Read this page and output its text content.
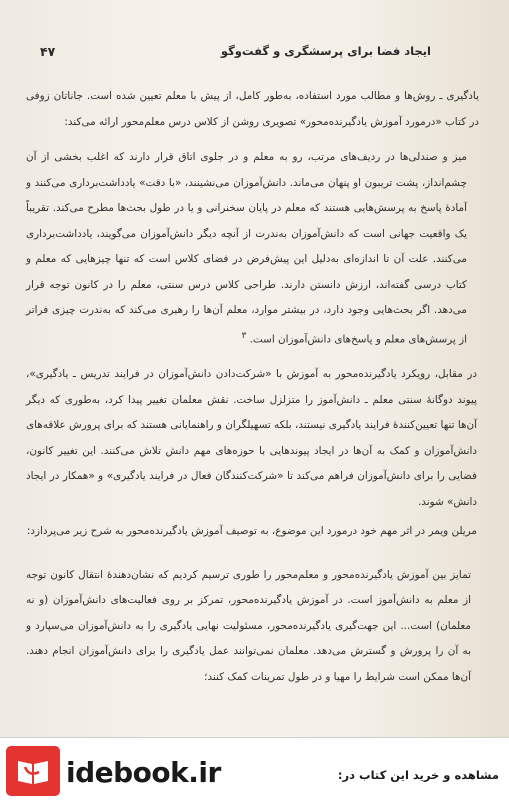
ایجاد فضا برای پرسشگری و گفت‌وگو
۴۷

یادگیری ـ روش‌ها و مطالب مورد استفاده، به‌طور کامل، از پیش با معلم تعیین شده است. جاناتان زوفی در کتاب «درمورد آموزش یادگیرنده‌محور» تصویری روشن از کلاس درس معلم‌محور ارائه می‌کند:

میز و صندلی‌ها در ردیف‌های مرتب، رو به معلم و در جلوی اتاق قرار دارند که اغلب بخشی از آن چشم‌انداز، پشت تریبون او پنهان می‌ماند. دانش‌آموزان می‌نشینند، «با دقت» یادداشت‌برداری می‌کنند و آماده‌ٔ پاسخ به پرسش‌هایی هستند که معلم در پایان سخنرانی و یا در طول بحث‌ها مطرح می‌کند. تقریباً یک واقعیت جهانی است که دانش‌آموزان به‌ندرت از آنچه دیگر دانش‌آموزان می‌گویند، یادداشت‌برداری می‌کنند. علت آن تا اندازه‌ای به‌دلیل این پیش‌فرض در فضای کلاس است که تنها چیزهایی که معلم و کتاب درسی گفته‌اند، ارزش دانستن دارند. طراحی کلاس درس سنتی، معلم را در کانون توجه قرار می‌دهد. اگر بحث‌هایی وجود دارد، در بیشتر موارد، معلم آن‌ها را رهبری می‌کند که به‌ندرت چیزی فراتر از پرسش‌های معلم و پاسخ‌های دانش‌آموزان است. $^۳$

در مقابل، رویکرد یادگیرنده‌محور به آموزش با «شرکت‌دادن دانش‌آموزان در فرایند تدریس ـ یادگیری»، پیوند دوگانه‌ٔ سنتی معلم ـ دانش‌آموز را متزلزل ساخت. نقش معلمان تغییر پیدا کرد، به‌طوری که دیگر آن‌ها تنها تعیین‌کننده‌ٔ فرایند یادگیری نیستند، بلکه تسهیلگران و راهنمایانی هستند که برای پرورش علاقه‌های دانش‌آموزان و کمک به آن‌ها در ایجاد پیوندهایی با حوزه‌های مهم دانش تلاش می‌کنند. این تغییر کانون، فضایی را برای دانش‌آموزان فراهم می‌کند تا «شرکت‌کنندگان فعال در فرایند یادگیری» و «همکار در ایجاد دانش» شوند.

مریلن ویمر در اثر مهم خود درمورد این موضوع، به توصیف آموزش یادگیرنده‌محور به شرح زیر می‌پردازد:

تمایز بین آموزش یادگیرنده‌محور و معلم‌محور را طوری ترسیم کردیم که نشان‌دهنده‌ٔ انتقال کانون توجه از معلم به دانش‌آموز است. در آموزش یادگیرنده‌محور، تمرکز بر روی فعالیت‌های دانش‌آموزان (و نه معلمان) است... این جهت‌گیری یادگیرنده‌محور، مسئولیت نهایی یادگیری را به دانش‌آموزان می‌سپارد و به آن را پرورش و گسترش می‌دهد. معلمان نمی‌توانند عمل یادگیری را برای دانش‌آموزان انجام دهند. آن‌ها ممکن است شرایط را مهیا و در طول تمرینات کمک کنند؛

idebook.ir	مشاهده و خرید این کتاب در:
